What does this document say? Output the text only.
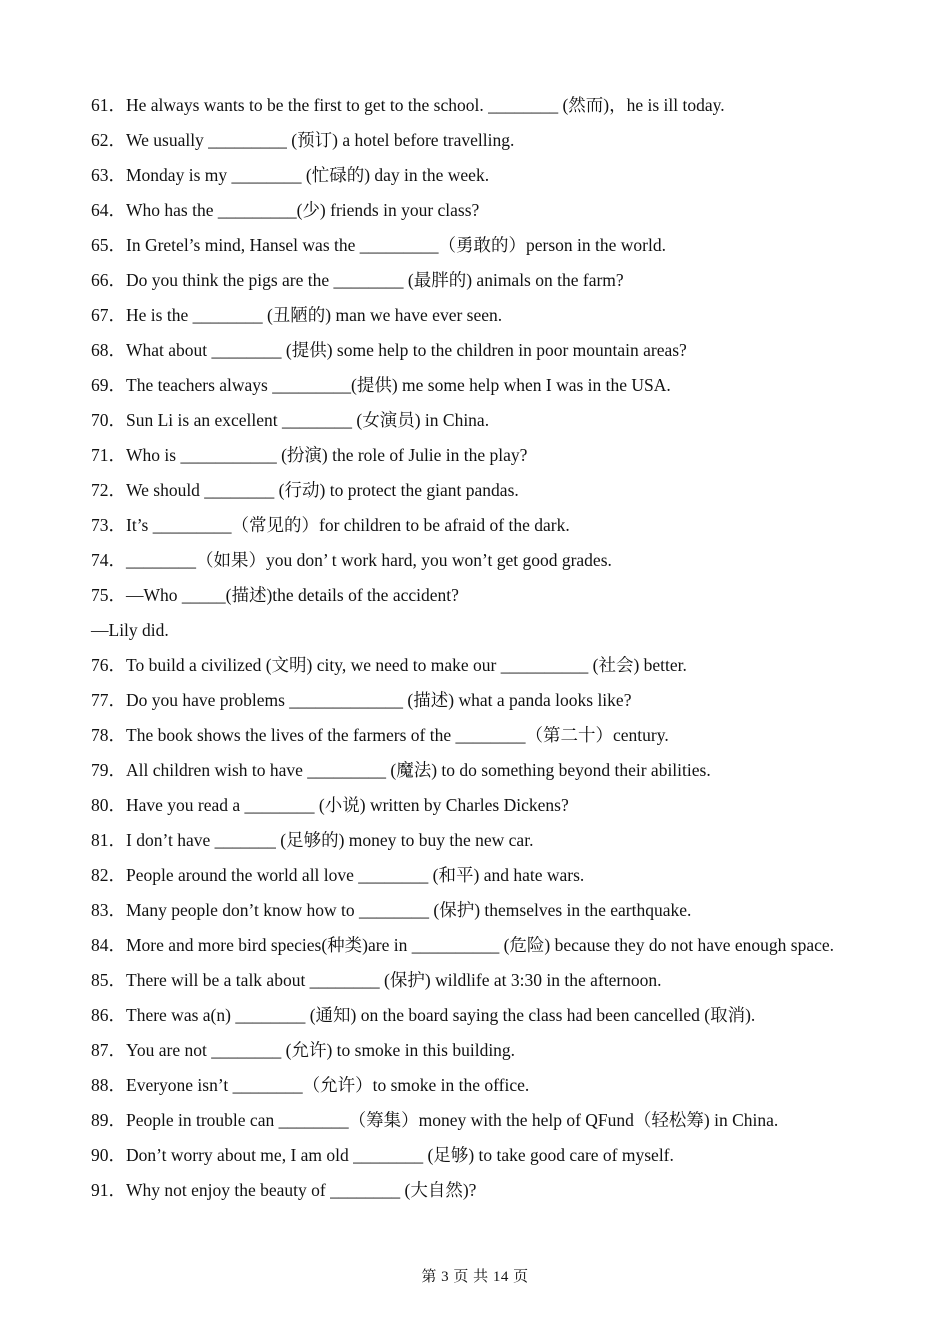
61．He always wants to be the first to get to the school. ________ (然而)，he is ill today.
62．We usually _________ (预订) a hotel before travelling.
63．Monday is my ________ (忙碌的) day in the week.
64．Who has the _________(少) friends in your class?
65．In Gretel’s mind, Hansel was the _________（勇敢的）person in the world.
66．Do you think the pigs are the ________ (最胖的) animals on the farm?
67．He is the ________ (丑陋的) man we have ever seen.
68．What about ________ (提供) some help to the children in poor mountain areas?
69．The teachers always _________(提供) me some help when I was in the USA.
70．Sun Li is an excellent ________ (女演员) in China.
71．Who is ___________ (扮演) the role of Julie in the play?
72．We should ________ (行动) to protect the giant pandas.
73．It’s _________（常见的）for children to be afraid of the dark.
74．________（如果）you don’ t work hard, you won’t get good grades.
75．—Who _____(描述)the details of the accident?
—Lily did.
76．To build a civilized (文明) city, we need to make our __________ (社会) better.
77．Do you have problems _____________ (描述) what a panda looks like?
78．The book shows the lives of the farmers of the ________（第二十）century.
79．All children wish to have _________ (魔法) to do something beyond their abilities.
80．Have you read a ________ (小说) written by Charles Dickens?
81．I don’t have _______ (足够的) money to buy the new car.
82．People around the world all love ________ (和平) and hate wars.
83．Many people don’t know how to ________ (保护) themselves in the earthquake.
84．More and more bird species(种类)are in __________ (危险) because they do not have enough space.
85．There will be a talk about ________ (保护) wildlife at 3:30 in the afternoon.
86．There was a(n) ________ (通知) on the board saying the class had been cancelled (取消).
87．You are not ________ (允许) to smoke in this building.
88．Everyone isn’t ________（允许）to smoke in the office.
89．People in trouble can ________（筹集）money with the help of QFund（轻松筹) in China.
90．Don’t worry about me, I am old ________ (足够) to take good care of myself.
91．Why not enjoy the beauty of ________ (大自然)?
第 3 页 共 14 页
